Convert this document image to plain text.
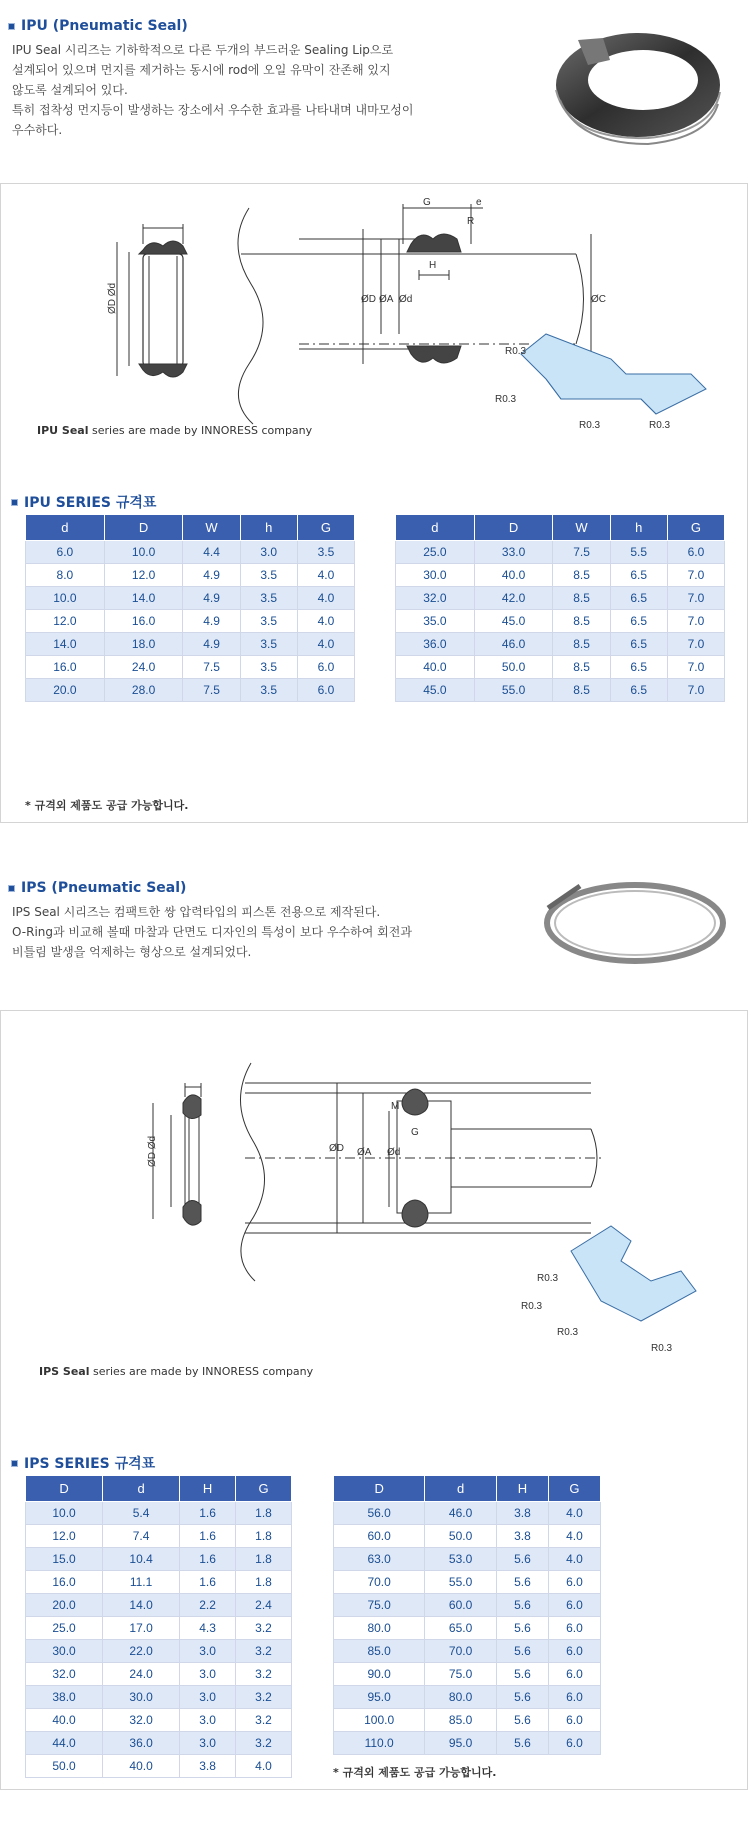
IPU (Pneumatic Seal)

IPU Seal 시리즈는 기하학적으로 다른 두개의 부드러운 Sealing Lip으로

설계되어 있으며 먼지를 제거하는 동시에 rod에 오일 유막이 잔존해 있지

않도록 설계되어 있다.

특히 접착성 먼지등이 발생하는 장소에서 우수한 효과를 나타내며 내마모성이

우수하다.

ØD Ød
ØD ØA Ød	ØC
G	e
R
H
R0.3
R0.3
R0.3	R0.3
IPU Seal series are made by INNORESS company
IPU SERIES 규격표
d	D	W	h	G
6.0	10.0	4.4	3.0	3.5
8.0	12.0	4.9	3.5	4.0
10.0	14.0	4.9	3.5	4.0
12.0	16.0	4.9	3.5	4.0
14.0	18.0	4.9	3.5	4.0
16.0	24.0	7.5	3.5	6.0
20.0	28.0	7.5	3.5	6.0
d	D	W	h	G
25.0	33.0	7.5	5.5	6.0
30.0	40.0	8.5	6.5	7.0
32.0	42.0	8.5	6.5	7.0
35.0	45.0	8.5	6.5	7.0
36.0	46.0	8.5	6.5	7.0
40.0	50.0	8.5	6.5	7.0
45.0	55.0	8.5	6.5	7.0
* 규격외 제품도 공급 가능합니다.
IPS (Pneumatic Seal)

IPS Seal 시리즈는 컴팩트한 쌍 압력타입의 피스톤 전용으로 제작된다.

O-Ring과 비교해 볼때 마찰과 단면도 디자인의 특성이 보다 우수하여 회전과

비틀림 발생을 억제하는 형상으로 설계되었다.

ØD Ød	ØD ØA Ød
G
M
R0.3
R0.3
R0.3
R0.3
IPS Seal series are made by INNORESS company
IPS SERIES 규격표
D	d	H	G
10.0	5.4	1.6	1.8
12.0	7.4	1.6	1.8
15.0	10.4	1.6	1.8
16.0	11.1	1.6	1.8
20.0	14.0	2.2	2.4
25.0	17.0	4.3	3.2
30.0	22.0	3.0	3.2
32.0	24.0	3.0	3.2
38.0	30.0	3.0	3.2
40.0	32.0	3.0	3.2
44.0	36.0	3.0	3.2
50.0	40.0	3.8	4.0
D	d	H	G
56.0	46.0	3.8	4.0
60.0	50.0	3.8	4.0
63.0	53.0	5.6	4.0
70.0	55.0	5.6	6.0
75.0	60.0	5.6	6.0
80.0	65.0	5.6	6.0
85.0	70.0	5.6	6.0
90.0	75.0	5.6	6.0
95.0	80.0	5.6	6.0
100.0	85.0	5.6	6.0
110.0	95.0	5.6	6.0
* 규격외 제품도 공급 가능합니다.
